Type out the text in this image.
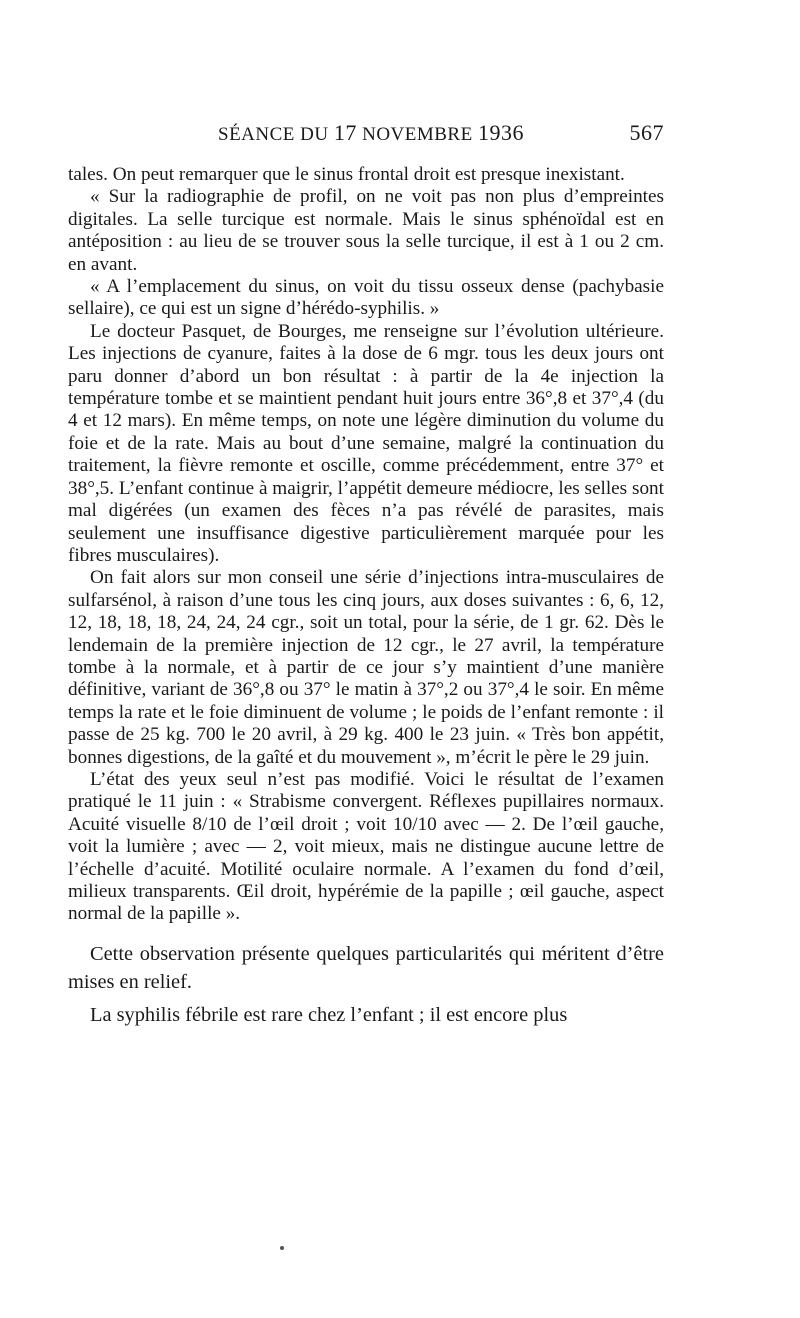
SÉANCE DU 17 NOVEMBRE 1936	567

tales. On peut remarquer que le sinus frontal droit est presque inexistant.

« Sur la radiographie de profil, on ne voit pas non plus d’empreintes digitales. La selle turcique est normale. Mais le sinus sphénoïdal est en antéposition : au lieu de se trouver sous la selle turcique, il est à 1 ou 2 cm. en avant.

« A l’emplacement du sinus, on voit du tissu osseux dense (pachybasie sellaire), ce qui est un signe d’hérédo-syphilis. »

Le docteur Pasquet, de Bourges, me renseigne sur l’évolution ultérieure. Les injections de cyanure, faites à la dose de 6 mgr. tous les deux jours ont paru donner d’abord un bon résultat : à partir de la 4e injection la température tombe et se maintient pendant huit jours entre 36°,8 et 37°,4 (du 4 et 12 mars). En même temps, on note une légère diminution du volume du foie et de la rate. Mais au bout d’une semaine, malgré la continuation du traitement, la fièvre remonte et oscille, comme précédemment, entre 37° et 38°,5. L’enfant continue à maigrir, l’appétit demeure médiocre, les selles sont mal digérées (un examen des fèces n’a pas révélé de parasites, mais seulement une insuffisance digestive particulièrement marquée pour les fibres musculaires).

On fait alors sur mon conseil une série d’injections intra-musculaires de sulfarsénol, à raison d’une tous les cinq jours, aux doses suivantes : 6, 6, 12, 12, 18, 18, 18, 24, 24, 24 cgr., soit un total, pour la série, de 1 gr. 62. Dès le lendemain de la première injection de 12 cgr., le 27 avril, la température tombe à la normale, et à partir de ce jour s’y maintient d’une manière définitive, variant de 36°,8 ou 37° le matin à 37°,2 ou 37°,4 le soir. En même temps la rate et le foie diminuent de volume ; le poids de l’enfant remonte : il passe de 25 kg. 700 le 20 avril, à 29 kg. 400 le 23 juin. « Très bon appétit, bonnes digestions, de la gaîté et du mouvement », m’écrit le père le 29 juin.

L’état des yeux seul n’est pas modifié. Voici le résultat de l’examen pratiqué le 11 juin : « Strabisme convergent. Réflexes pupillaires normaux. Acuité visuelle 8/10 de l’œil droit ; voit 10/10 avec — 2. De l’œil gauche, voit la lumière ; avec — 2, voit mieux, mais ne distingue aucune lettre de l’échelle d’acuité. Motilité oculaire normale. A l’examen du fond d’œil, milieux transparents. Œil droit, hypérémie de la papille ; œil gauche, aspect normal de la papille ».

Cette observation présente quelques particularités qui méritent d’être mises en relief.

La syphilis fébrile est rare chez l’enfant ; il est encore plus
